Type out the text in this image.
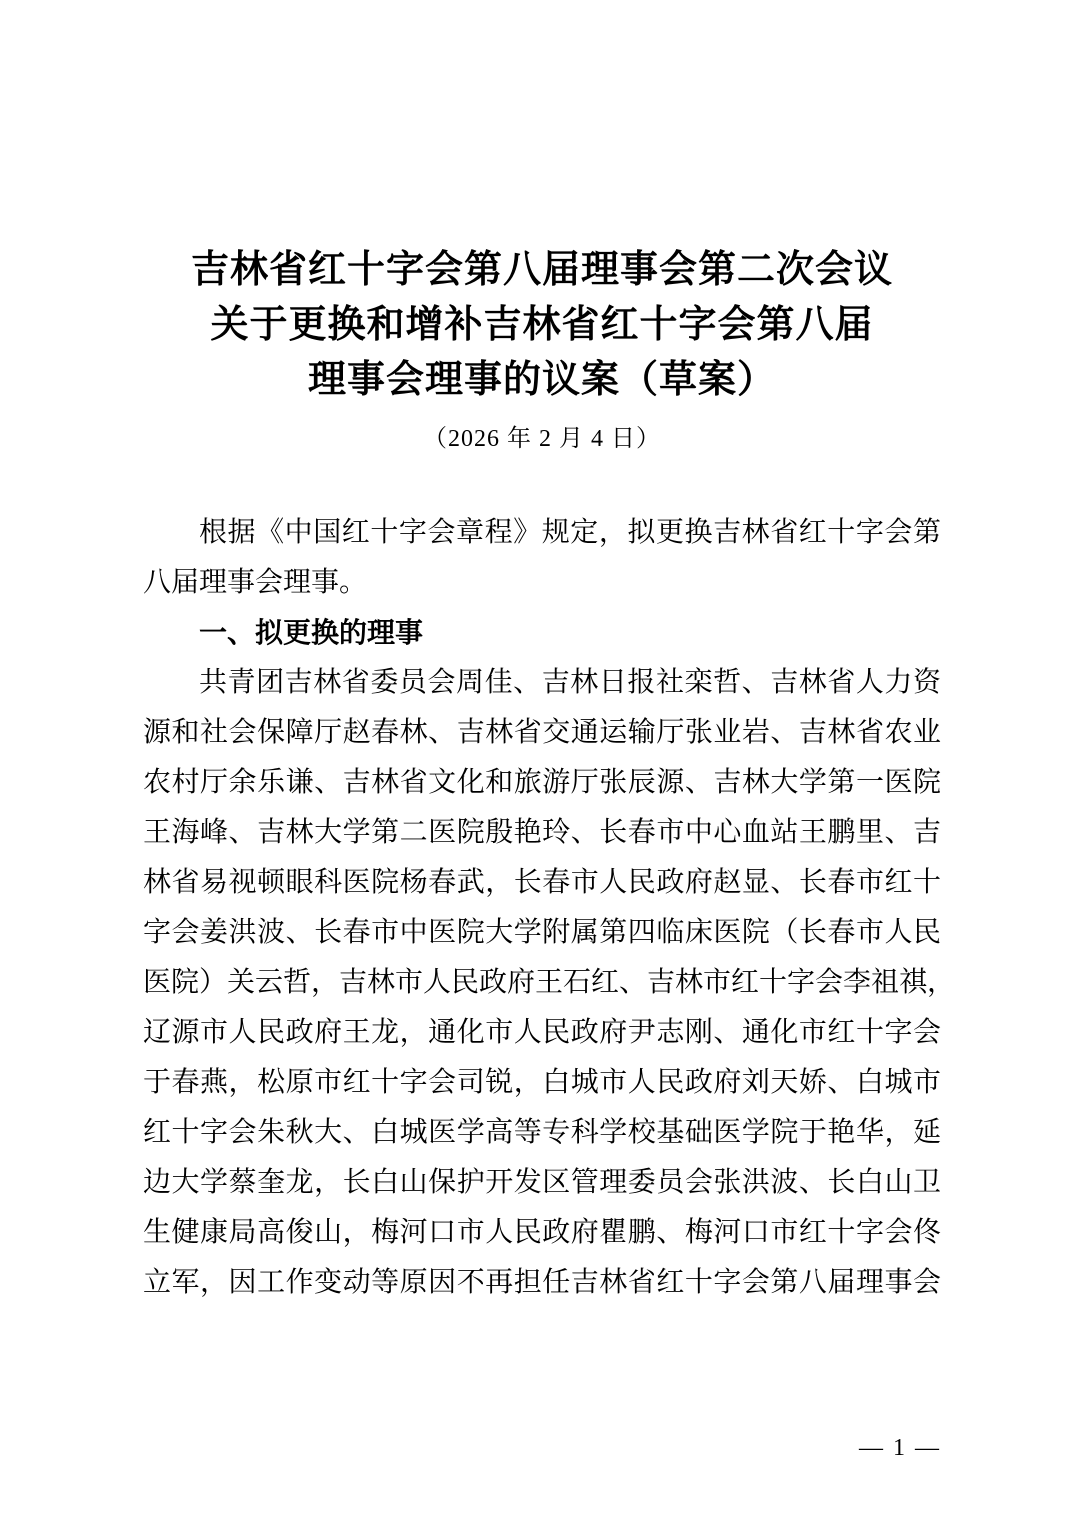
吉林省红十字会第八届理事会第二次会议
关于更换和增补吉林省红十字会第八届
理事会理事的议案（草案）
（2026 年 2 月 4 日）
根据《中国红十字会章程》规定，拟更换吉林省红十字会第
八届理事会理事。
一、拟更换的理事
共青团吉林省委员会周佳、吉林日报社栾哲、吉林省人力资
源和社会保障厅赵春林、吉林省交通运输厅张业岩、吉林省农业
农村厅余乐谦、吉林省文化和旅游厅张辰源、吉林大学第一医院
王海峰、吉林大学第二医院殷艳玲、长春市中心血站王鹏里、吉
林省易视顿眼科医院杨春武，长春市人民政府赵显、长春市红十
字会姜洪波、长春市中医院大学附属第四临床医院（长春市人民
医院）关云哲，吉林市人民政府王石红、吉林市红十字会李祖祺，
辽源市人民政府王龙，通化市人民政府尹志刚、通化市红十字会
于春燕，松原市红十字会司锐，白城市人民政府刘天娇、白城市
红十字会朱秋大、白城医学高等专科学校基础医学院于艳华，延
边大学蔡奎龙，长白山保护开发区管理委员会张洪波、长白山卫
生健康局高俊山，梅河口市人民政府瞿鹏、梅河口市红十字会佟
立军，因工作变动等原因不再担任吉林省红十字会第八届理事会
— 1 —
